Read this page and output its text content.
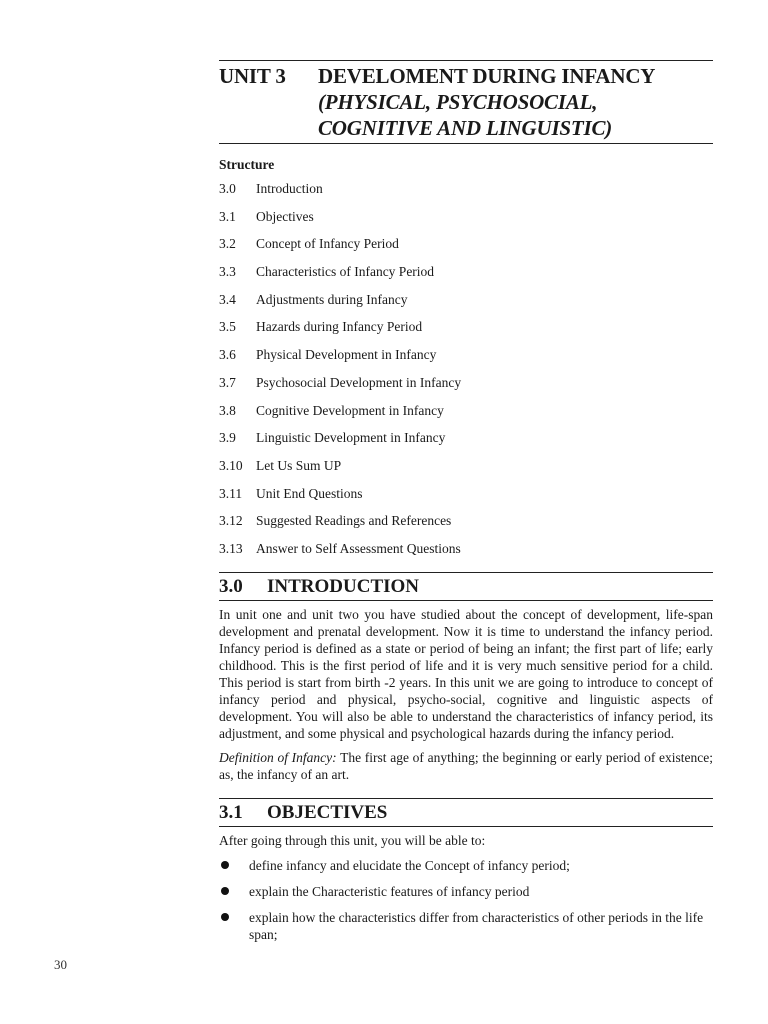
30
UNIT 3	DEVELOMENT DURING INFANCY
(PHYSICAL, PSYCHOSOCIAL,
COGNITIVE AND LINGUISTIC)
Structure
3.0	Introduction
3.1	Objectives
3.2	Concept of Infancy Period
3.3	Characteristics of Infancy Period
3.4	Adjustments during Infancy
3.5	Hazards during Infancy Period
3.6	Physical Development in Infancy
3.7	Psychosocial Development in Infancy
3.8	Cognitive Development in Infancy
3.9	Linguistic Development in Infancy
3.10 Let Us Sum UP
3.11	Unit End Questions
3.12 Suggested Readings and References
3.13 Answer to Self Assessment Questions
3.0	INTRODUCTION

In unit one and unit two you have studied about the concept of development, life-span development and prenatal development. Now it is time to understand the infancy period. Infancy period is defined as a state or period of being an infant; the first part of life; early childhood. This is the first period of life and it is very much sensitive period for a child. This period is start from birth -2 years. In this unit we are going to introduce to concept of infancy period and physical, psycho-social, cognitive and linguistic aspects of development. You will also be able to understand the characteristics of infancy period, its adjustment, and some physical and psychological hazards during the infancy period.

Definition of Infancy: The first age of anything; the beginning or early period of existence; as, the infancy of an art.

3.1	OBJECTIVES
After going through this unit, you will be able to:
define infancy and elucidate the Concept of infancy period;
explain the Characteristic features of infancy period
explain how the characteristics differ from characteristics of other periods in the life span;
